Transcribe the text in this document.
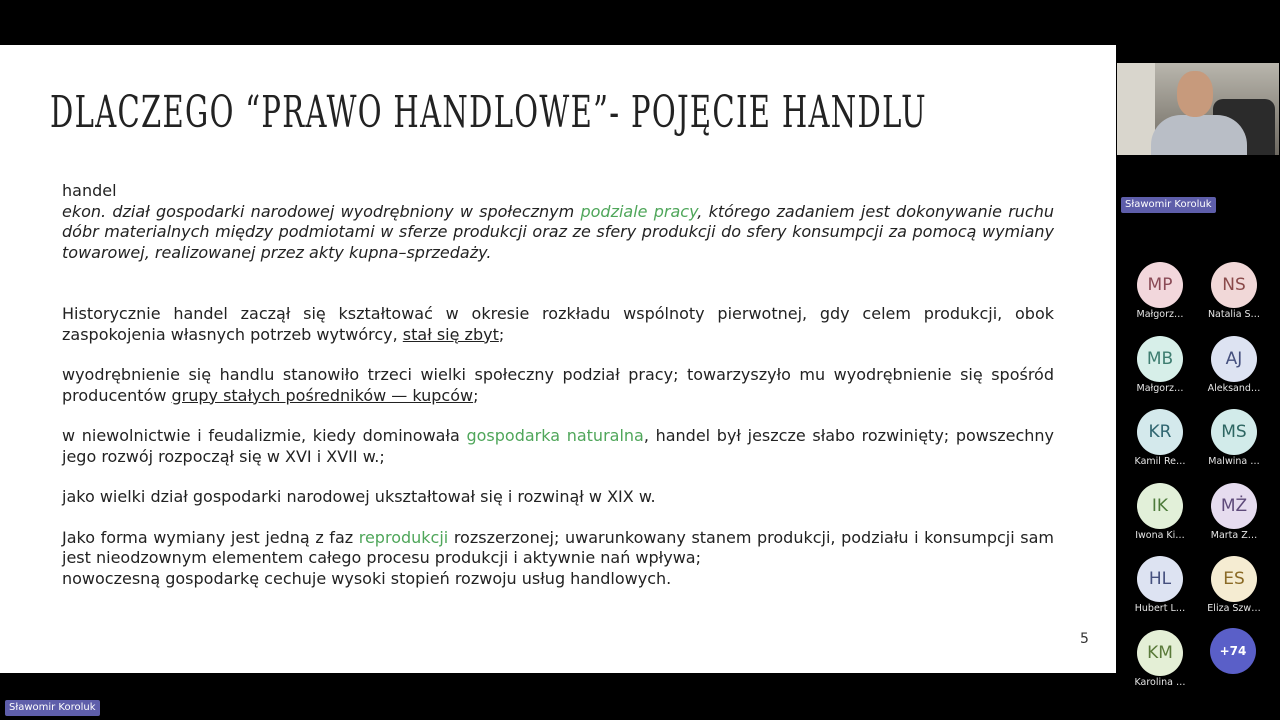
DLACZEGO “PRAWO HANDLOWE”- POJĘCIE HANDLU

handel

ekon. dział gospodarki narodowej wyodrębniony w społecznym podziale pracy, którego zadaniem jest dokonywanie ruchu dóbr materialnych między podmiotami w sferze produkcji oraz ze sfery produkcji do sfery konsumpcji za pomocą wymiany towarowej, realizowanej przez akty kupna–sprzedaży.

Historycznie handel zaczął się kształtować w okresie rozkładu wspólnoty pierwotnej, gdy celem produkcji, obok zaspokojenia własnych potrzeb wytwórcy, stał się zbyt;

wyodrębnienie się handlu stanowiło trzeci wielki społeczny podział pracy; towarzyszyło mu wyodrębnienie się spośród producentów grupy stałych pośredników — kupców;

w niewolnictwie i feudalizmie, kiedy dominowała gospodarka naturalna, handel był jeszcze słabo rozwinięty; powszechny jego rozwój rozpoczął się w XVI i XVII w.;

jako wielki dział gospodarki narodowej ukształtował się i rozwinął w XIX w.

Jako forma wymiany jest jedną z faz reprodukcji rozszerzonej; uwarunkowany stanem produkcji, podziału i konsumpcji sam jest nieodzownym elementem całego procesu produkcji i aktywnie nań wpływa;

nowoczesną gospodarkę cechuje wysoki stopień rozwoju usług handlowych.

5
Sławomir Koroluk
MP
Małgorz…
NS
Natalia S…
MB
Małgorz…
AJ
Aleksand…
KR
Kamil Re…
MS
Malwina …
IK
Iwona Ki…
MŻ
Marta Ż…
HL
Hubert L…
ES
Eliza Szw…
KM
Karolina …
+74
Sławomir Koroluk
